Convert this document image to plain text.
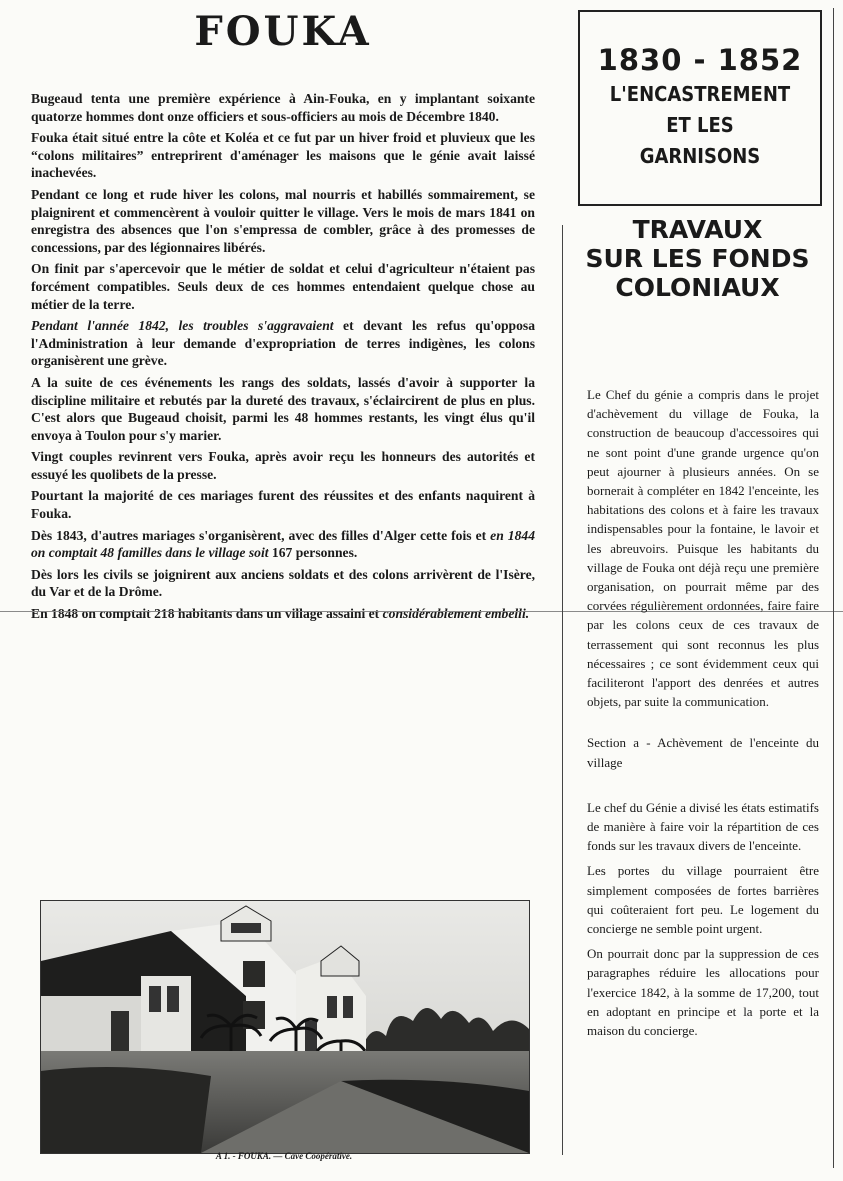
FOUKA

Bugeaud tenta une première expérience à Ain-Fouka, en y implantant soixante quatorze hommes dont onze officiers et sous-officiers au mois de Décembre 1840.

Fouka était situé entre la côte et Koléa et ce fut par un hiver froid et pluvieux que les “colons militaires” entreprirent d'aménager les maisons que le génie avait laissé inachevées.

Pendant ce long et rude hiver les colons, mal nourris et habillés sommairement, se plaignirent et commencèrent à vouloir quitter le village. Vers le mois de mars 1841 on enregistra des absences que l'on s'empressa de combler, grâce à des promesses de concessions, par des légionnaires libérés.

On finit par s'apercevoir que le métier de soldat et celui d'agriculteur n'étaient pas forcément compatibles. Seuls deux de ces hommes entendaient quelque chose au métier de la terre.

Pendant l'année 1842, les troubles s'aggravaient et devant les refus qu'opposa l'Administration à leur demande d'expropriation de terres indigènes, les colons organisèrent une grève.

A la suite de ces événements les rangs des soldats, lassés d'avoir à supporter la discipline militaire et rebutés par la dureté des travaux, s'éclaircirent de plus en plus. C'est alors que Bugeaud choisit, parmi les 48 hommes restants, les vingt élus qu'il envoya à Toulon pour s'y marier.

Vingt couples revinrent vers Fouka, après avoir reçu les honneurs des autorités et essuyé les quolibets de la presse.

Pourtant la majorité de ces mariages furent des réussites et des enfants naquirent à Fouka.

Dès 1843, d'autres mariages s'organisèrent, avec des filles d'Alger cette fois et en 1844 on comptait 48 familles dans le village soit 167 personnes.

Dès lors les civils se joignirent aux anciens soldats et des colons arrivèrent de l'Isère, du Var et de la Drôme.

En 1848 on comptait 218 habitants dans un village assaini et considérablement embelli.

1830 - 1852
L'ENCASTREMENT
ET LES
GARNISONS
TRAVAUX
SUR LES FONDS
COLONIAUX

Le Chef du génie a compris dans le projet d'achèvement du village de Fouka, la construction de beaucoup d'accessoires qui ne sont point d'une grande urgence qu'on peut ajourner à plusieurs années. On se bornerait à compléter en 1842 l'enceinte, les habitations des colons et à faire les travaux indispensables pour la fontaine, le lavoir et les abreuvoirs. Puisque les habitants du village de Fouka ont déjà reçu une première organisation, on pourrait même par des corvées régulièrement ordonnées, faire faire par les colons ceux de ces travaux de terrassement qui sont reconnus les plus nécessaires ; ce sont évidemment ceux qui faciliteront l'apport des denrées et autres objets, par suite la communication.

Section a - Achèvement de l'enceinte du village

Le chef du Génie a divisé les états estimatifs de manière à faire voir la répartition de ces fonds sur les travaux divers de l'enceinte.

Les portes du village pourraient être simplement composées de fortes barrières qui coûteraient fort peu. Le logement du concierge ne semble point urgent.

On pourrait donc par la suppression de ces paragraphes réduire les allocations pour l'exercice 1842, à la somme de 17,200, tout en adoptant en principe et la porte et la maison du concierge.

A 1. - FOUKA. — Cave Coopérative.
